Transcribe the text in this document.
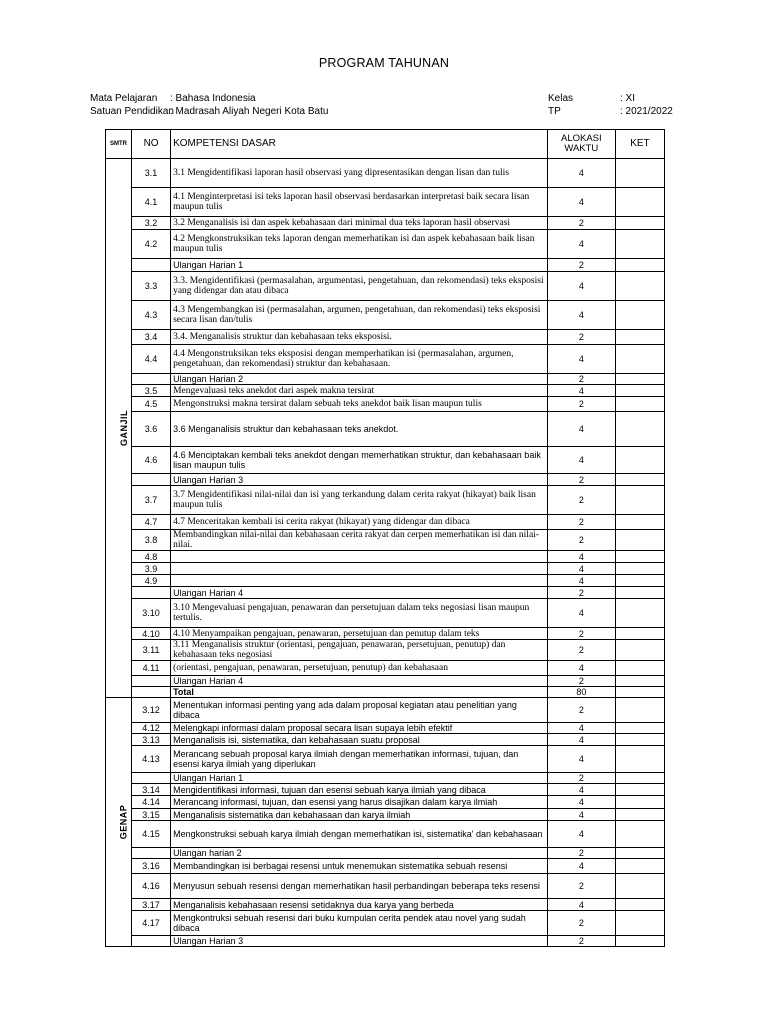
PROGRAM TAHUNAN
Mata Pelajaran	: Bahasa Indonesia
Satuan Pendidikan
: Madrasah Aliyah Negeri Kota Batu
Kelas	: XI
TP	: 2021/2022
SMTR	NO	KOMPETENSI DASAR	ALOKASI WAKTU	KET
GANJIL	3.1	3.1 Mengidentifikasi laporan hasil observasi yang dipresentasikan dengan lisan dan tulis	4	
	4.1	4.1 Menginterpretasi isi teks laporan hasil observasi berdasarkan interpretasi baik secara lisan maupun tulis	4	
	3.2	3.2 Menganalisis isi dan aspek kebahasaan dari minimal dua teks laporan hasil observasi	2	
	4.2	4.2 Mengkonstruksikan teks laporan dengan memerhatikan isi dan aspek kebahasaan baik lisan maupun tulis	4	
		Ulangan Harian 1	2	
	3.3	3.3. Mengidentifikasi (permasalahan, argumentasi, pengetahuan, dan rekomendasi) teks eksposisi yang didengar dan atau dibaca	4	
	4.3	4.3 Mengembangkan isi (permasalahan, argumen, pengetahuan, dan rekomendasi) teks eksposisi secara lisan dan/tulis	4	
	3.4	3.4. Menganalisis struktur dan kebahasaan teks eksposisi.	2	
	4.4	4.4 Mengonstruksikan teks eksposisi dengan memperhatikan isi (permasalahan, argumen, pengetahuan, dan rekomendasi) struktur dan kebahasaan.	4	
		Ulangan Harian 2	2	
	3.5	Mengevaluasi teks anekdot dari aspek makna tersirat	4	
	4.5	Mengonstruksi makna tersirat dalam sebuah teks anekdot baik lisan maupun tulis	2	
	3.6	3.6 Menganalisis struktur dan kebahasaan teks anekdot.	4	
	4.6	4.6 Menciptakan kembali teks anekdot dengan memerhatikan struktur, dan kebahasaan baik lisan maupun tulis	4	
		Ulangan Harian 3	2	
	3.7	3.7 Mengidentifikasi nilai-nilai dan isi yang terkandung dalam cerita rakyat (hikayat) baik lisan maupun tulis	2	
	4.7	4.7 Menceritakan kembali isi cerita rakyat (hikayat) yang didengar dan dibaca	2	
	3.8	Membandingkan nilai-nilai dan kebahasaan cerita rakyat dan cerpen memerhatikan isi dan nilai-nilai.	2	
	4.8		4	
	3.9		4	
	4.9		4	
		Ulangan Harian 4	2	
	3.10	3.10 Mengevaluasi pengajuan, penawaran dan persetujuan dalam teks negosiasi lisan maupun tertulis.	4	
	4.10	4.10 Menyampaikan pengajuan, penawaran, persetujuan dan penutup dalam teks	2	
	3.11	3.11 Menganalisis struktur (orientasi, pengajuan, penawaran, persetujuan, penutup) dan kebahasaan teks negosiasi	2	
	4.11	(orientasi, pengajuan, penawaran, persetujuan, penutup) dan kebahasaan	4	
		Ulangan Harian 4	2	
		Total	80	
GENAP	3.12	Menentukan informasi penting yang ada dalam proposal kegiatan atau penelitian yang dibaca	2	
	4.12	Melengkapi informasi dalam proposal secara lisan supaya lebih efektif	4	
	3.13	Menganalisis isi, sistematika, dan kebahasaan suatu proposal	4	
	4.13	Merancang sebuah proposal karya ilmiah dengan memerhatikan informasi, tujuan, dan esensi karya ilmiah yang diperlukan	4	
		Ulangan Harian 1	2	
	3.14	Mengidentifikasi informasi, tujuan dan esensi sebuah karya ilmiah yang dibaca	4	
	4.14	Merancang informasi, tujuan, dan esensi yang harus disajikan dalam karya ilmiah	4	
	3.15	Menganalisis sistematika dan kebahasaan dan karya ilmiah	4	
	4.15	Mengkonstruksi sebuah karya ilmiah dengan memerhatikan isi, sistematika' dan kebahasaan	4	
		Ulangan harian 2	2	
	3.16	Membandingkan isi berbagai resensi untuk menemukan sistematika sebuah resensi	4	
	4.16	Menyusun sebuah resensi dengan memerhatikan hasil perbandingan beberapa teks resensi	2	
	3.17	Menganalisis kebahasaan resensi setidaknya dua karya yang berbeda	4	
	4.17	Mengkontruksi sebuah resensi dari buku kumpulan cerita pendek atau novel yang sudah dibaca	2	
		Ulangan Harian 3	2	
